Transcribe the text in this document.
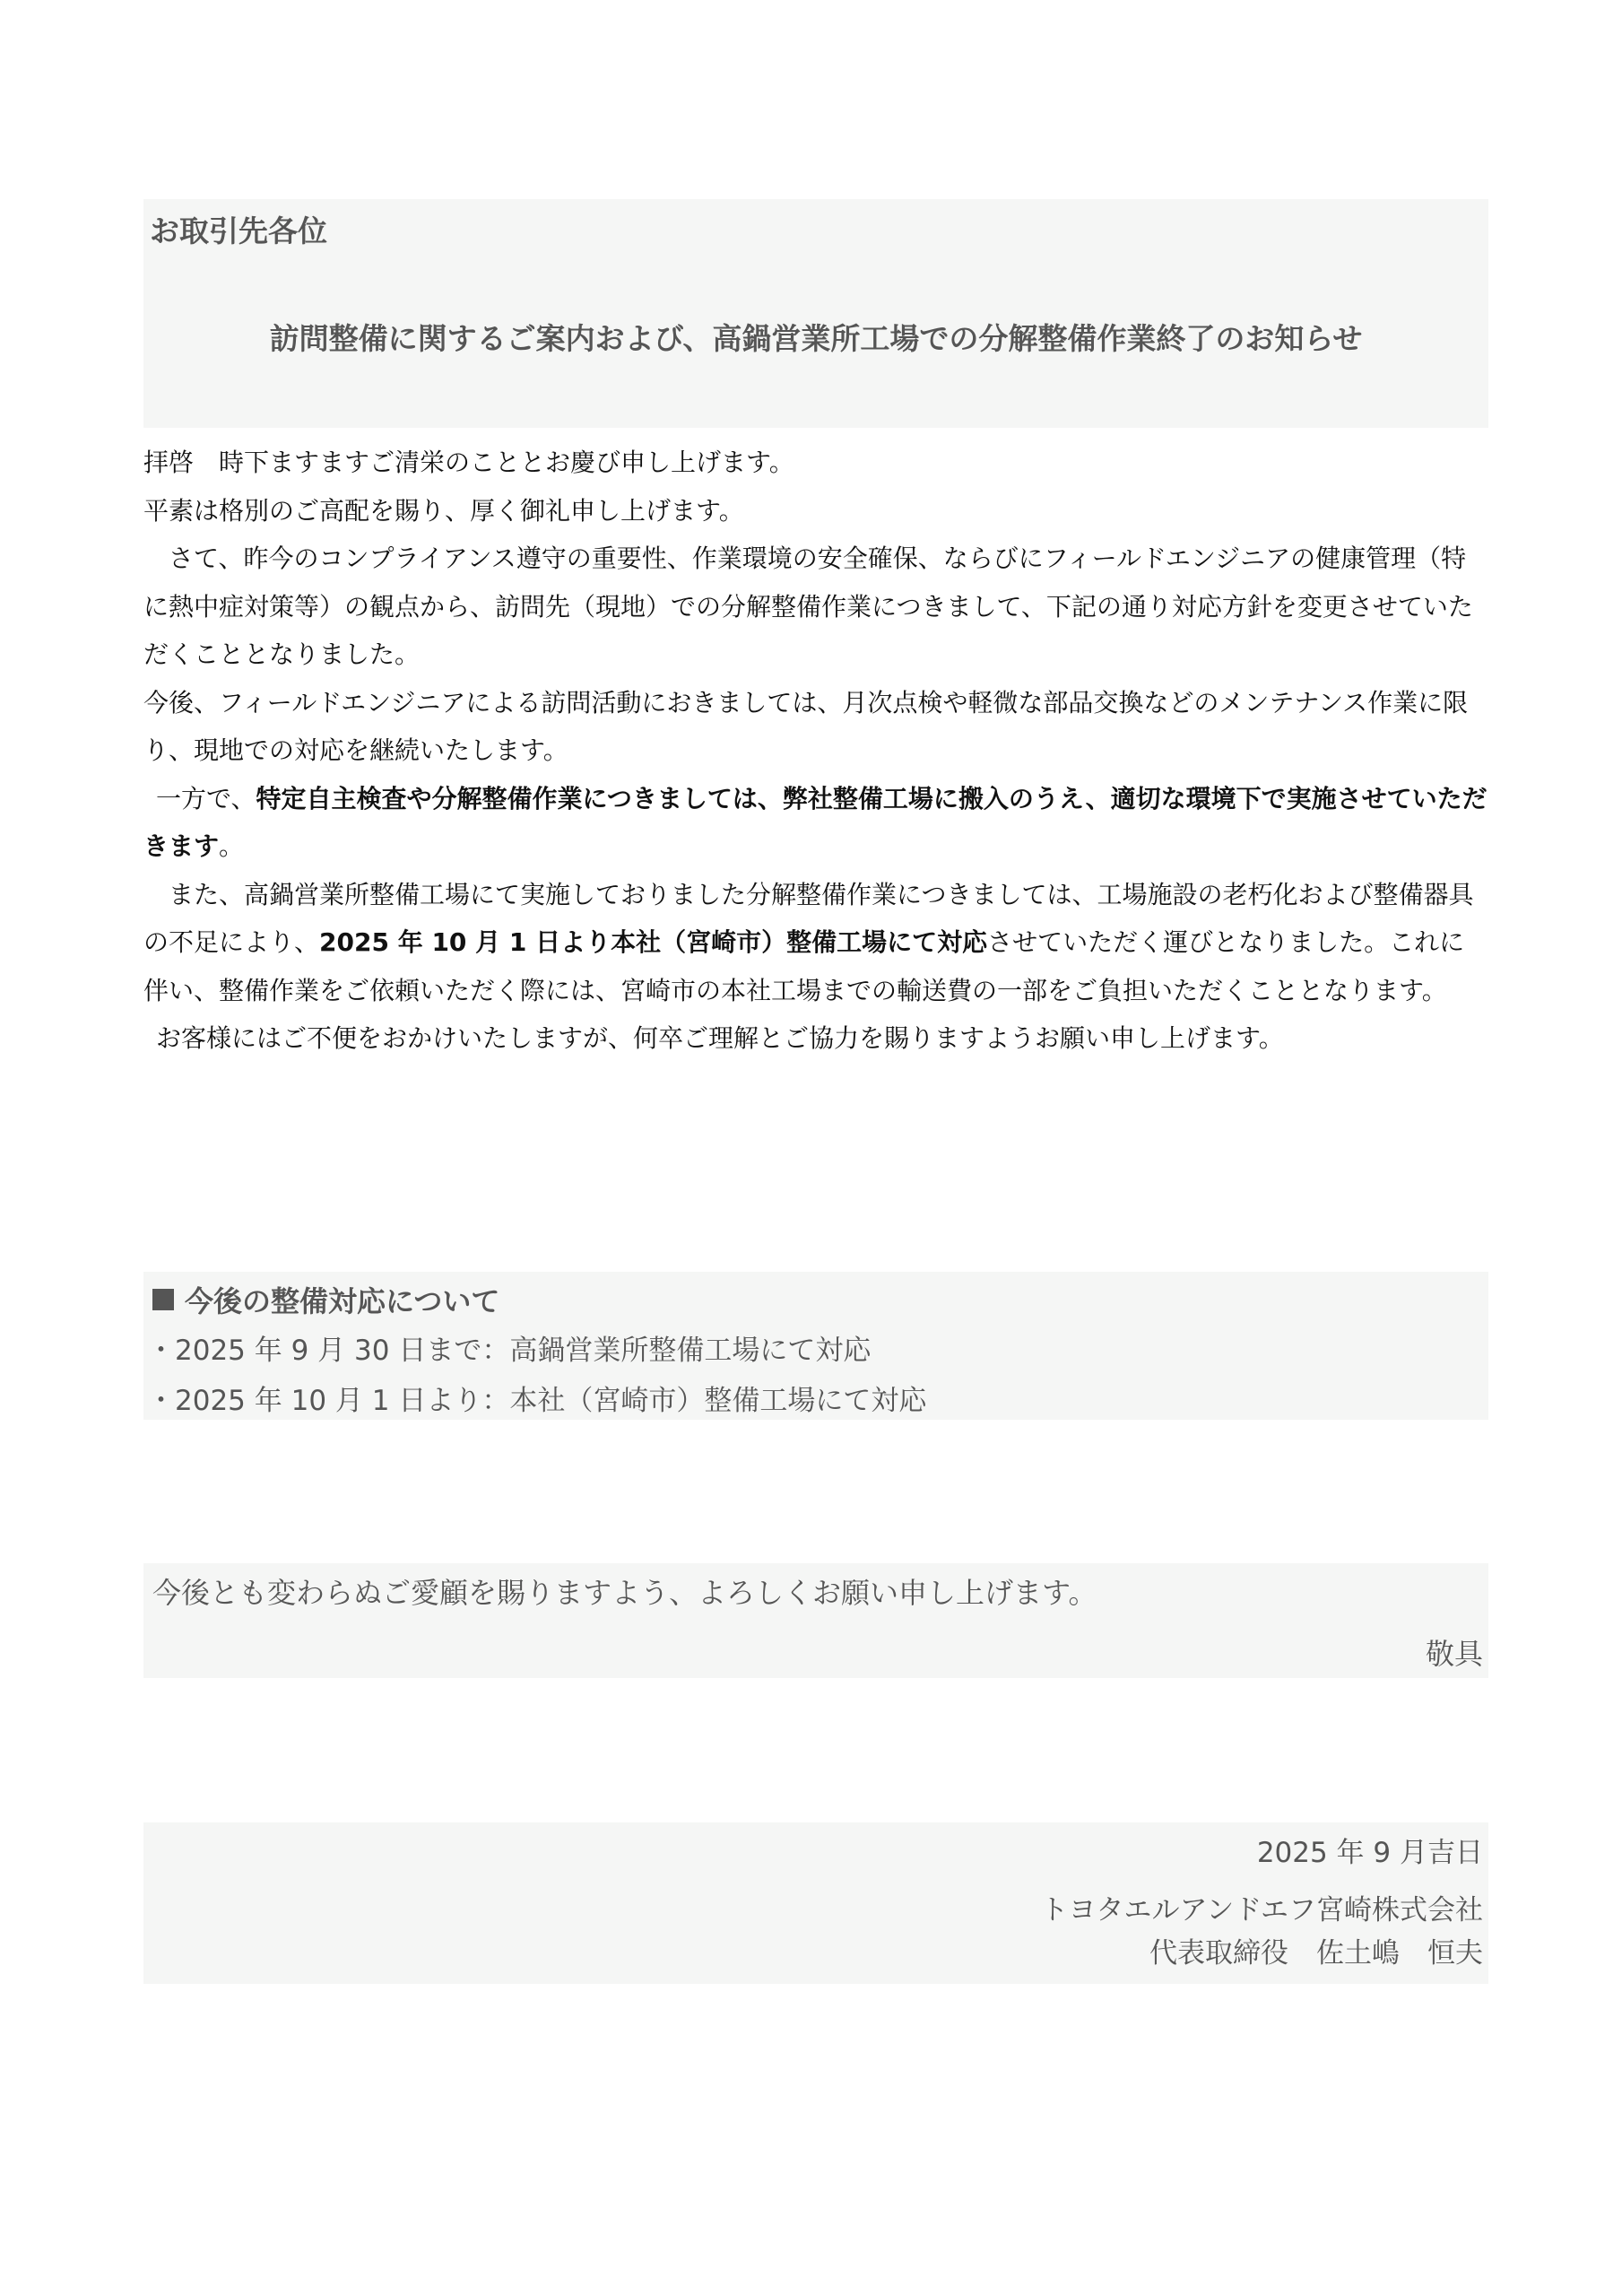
お取引先各位

訪問整備に関するご案内および、高鍋営業所工場での分解整備作業終了のお知らせ

拝啓　時下ますますご清栄のこととお慶び申し上げます。

平素は格別のご高配を賜り、厚く御礼申し上げます。

さて、昨今のコンプライアンス遵守の重要性、作業環境の安全確保、ならびにフィールドエンジニアの健康管理（特に熱中症対策等）の観点から、訪問先（現地）での分解整備作業につきまして、下記の通り対応方針を変更させていただくこととなりました。

今後、フィールドエンジニアによる訪問活動におきましては、月次点検や軽微な部品交換などのメンテナンス作業に限り、現地での対応を継続いたします。

一方で、特定自主検査や分解整備作業につきましては、弊社整備工場に搬入のうえ、適切な環境下で実施させていただきます。

また、高鍋営業所整備工場にて実施しておりました分解整備作業につきましては、工場施設の老朽化および整備器具の不足により、2025 年 10 月 1 日より本社（宮崎市）整備工場にて対応させていただく運びとなりました。これに伴い、整備作業をご依頼いただく際には、宮崎市の本社工場までの輸送費の一部をご負担いただくこととなります。

お客様にはご不便をおかけいたしますが、何卒ご理解とご協力を賜りますようお願い申し上げます。

今後の整備対応について

・2025 年 9 月 30 日まで：高鍋営業所整備工場にて対応

・2025 年 10 月 1 日より：本社（宮崎市）整備工場にて対応

今後とも変わらぬご愛顧を賜りますよう、よろしくお願い申し上げます。

敬具

2025 年 9 月吉日

トヨタエルアンドエフ宮崎株式会社

代表取締役　佐土嶋　恒夫
